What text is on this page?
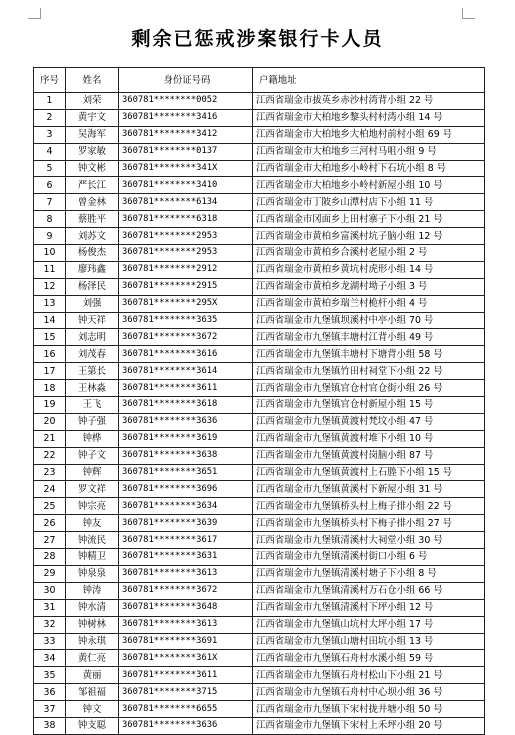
剩余已惩戒涉案银行卡人员
序号	姓名	身份证号码	户籍地址
1	刘荣	360781********0052	江西省瑞金市拔英乡赤沙村湾背小组 22 号
2	黄宇文	360781********3416	江西省瑞金市大柏地乡黎头村村湾小组 14 号
3	吴海军	360781********3412	江西省瑞金市大柏地乡大柏地村前村小组 69 号
4	罗家敏	360781********0137	江西省瑞金市大柏地乡三河村马咀小组 9 号
5	钟文彬	360781********341X	江西省瑞金市大柏地乡小岭村下石坑小组 8 号
6	严长江	360781********3410	江西省瑞金市大柏地乡小岭村新屋小组 10 号
7	曾金林	360781********6134	江西省瑞金市丁陂乡山潭村店下小组 11 号
8	蔡胜平	360781********6318	江西省瑞金市冈面乡上田村寨子下小组 21 号
9	刘苏文	360781********2953	江西省瑞金市黄柏乡富溪村坑子脑小组 12 号
10	杨俊杰	360781********2953	江西省瑞金市黄柏乡合溪村老屋小组 2 号
11	廖玮鑫	360781********2912	江西省瑞金市黄柏乡黄坑村虎形小组 14 号
12	杨泽民	360781********2915	江西省瑞金市黄柏乡龙湖村坳子小组 3 号
13	刘强	360781********295X	江西省瑞金市黄柏乡瑞兰村桅杆小组 4 号
14	钟天祥	360781********3635	江西省瑞金市九堡镇坝溪村中亭小组 70 号
15	刘志明	360781********3672	江西省瑞金市九堡镇丰塘村江背小组 49 号
16	刘茂春	360781********3616	江西省瑞金市九堡镇丰塘村下塘背小组 58 号
17	王第长	360781********3614	江西省瑞金市九堡镇竹田村祠堂下小组 22 号
18	王林淼	360781********3611	江西省瑞金市九堡镇官仓村官仓街小组 26 号
19	王飞	360781********3618	江西省瑞金市九堡镇官仓村新屋小组 15 号
20	钟子强	360781********3636	江西省瑞金市九堡镇黄渡村梵坟小组 47 号
21	钟桦	360781********3619	江西省瑞金市九堡镇黄渡村堆下小组 10 号
22	钟子文	360781********3638	江西省瑞金市九堡镇黄渡村岗脑小组 87 号
23	钟辉	360781********3651	江西省瑞金市九堡镇黄渡村上石塍下小组 15 号
24	罗文祥	360781********3696	江西省瑞金市九堡镇黄溪村下新屋小组 31 号
25	钟宗亮	360781********3634	江西省瑞金市九堡镇桥头村上梅子排小组 22 号
26	钟友	360781********3639	江西省瑞金市九堡镇桥头村下梅子排小组 27 号
27	钟流民	360781********3617	江西省瑞金市九堡镇清溪村大祠堂小组 30 号
28	钟精卫	360781********3631	江西省瑞金市九堡镇清溪村街口小组 6 号
29	钟泉泉	360781********3613	江西省瑞金市九堡镇清溪村塘子下小组 8 号
30	钟涛	360781********3672	江西省瑞金市九堡镇清溪村万石仓小组 66 号
31	钟水清	360781********3648	江西省瑞金市九堡镇清溪村下坪小组 12 号
32	钟树林	360781********3613	江西省瑞金市九堡镇山坑村大坪小组 17 号
33	钟永琪	360781********3691	江西省瑞金市九堡镇山塘村田坑小组 13 号
34	黄仁亮	360781********361X	江西省瑞金市九堡镇石舟村水溪小组 59 号
35	黄丽	360781********3611	江西省瑞金市九堡镇石舟村松山下小组 21 号
36	邹祖福	360781********3715	江西省瑞金市九堡镇石舟村中心坝小组 36 号
37	钟文	360781********6655	江西省瑞金市九堡镇下宋村拢井塘小组 50 号
38	钟支聪	360781********3636	江西省瑞金市九堡镇下宋村上禾坪小组 20 号
